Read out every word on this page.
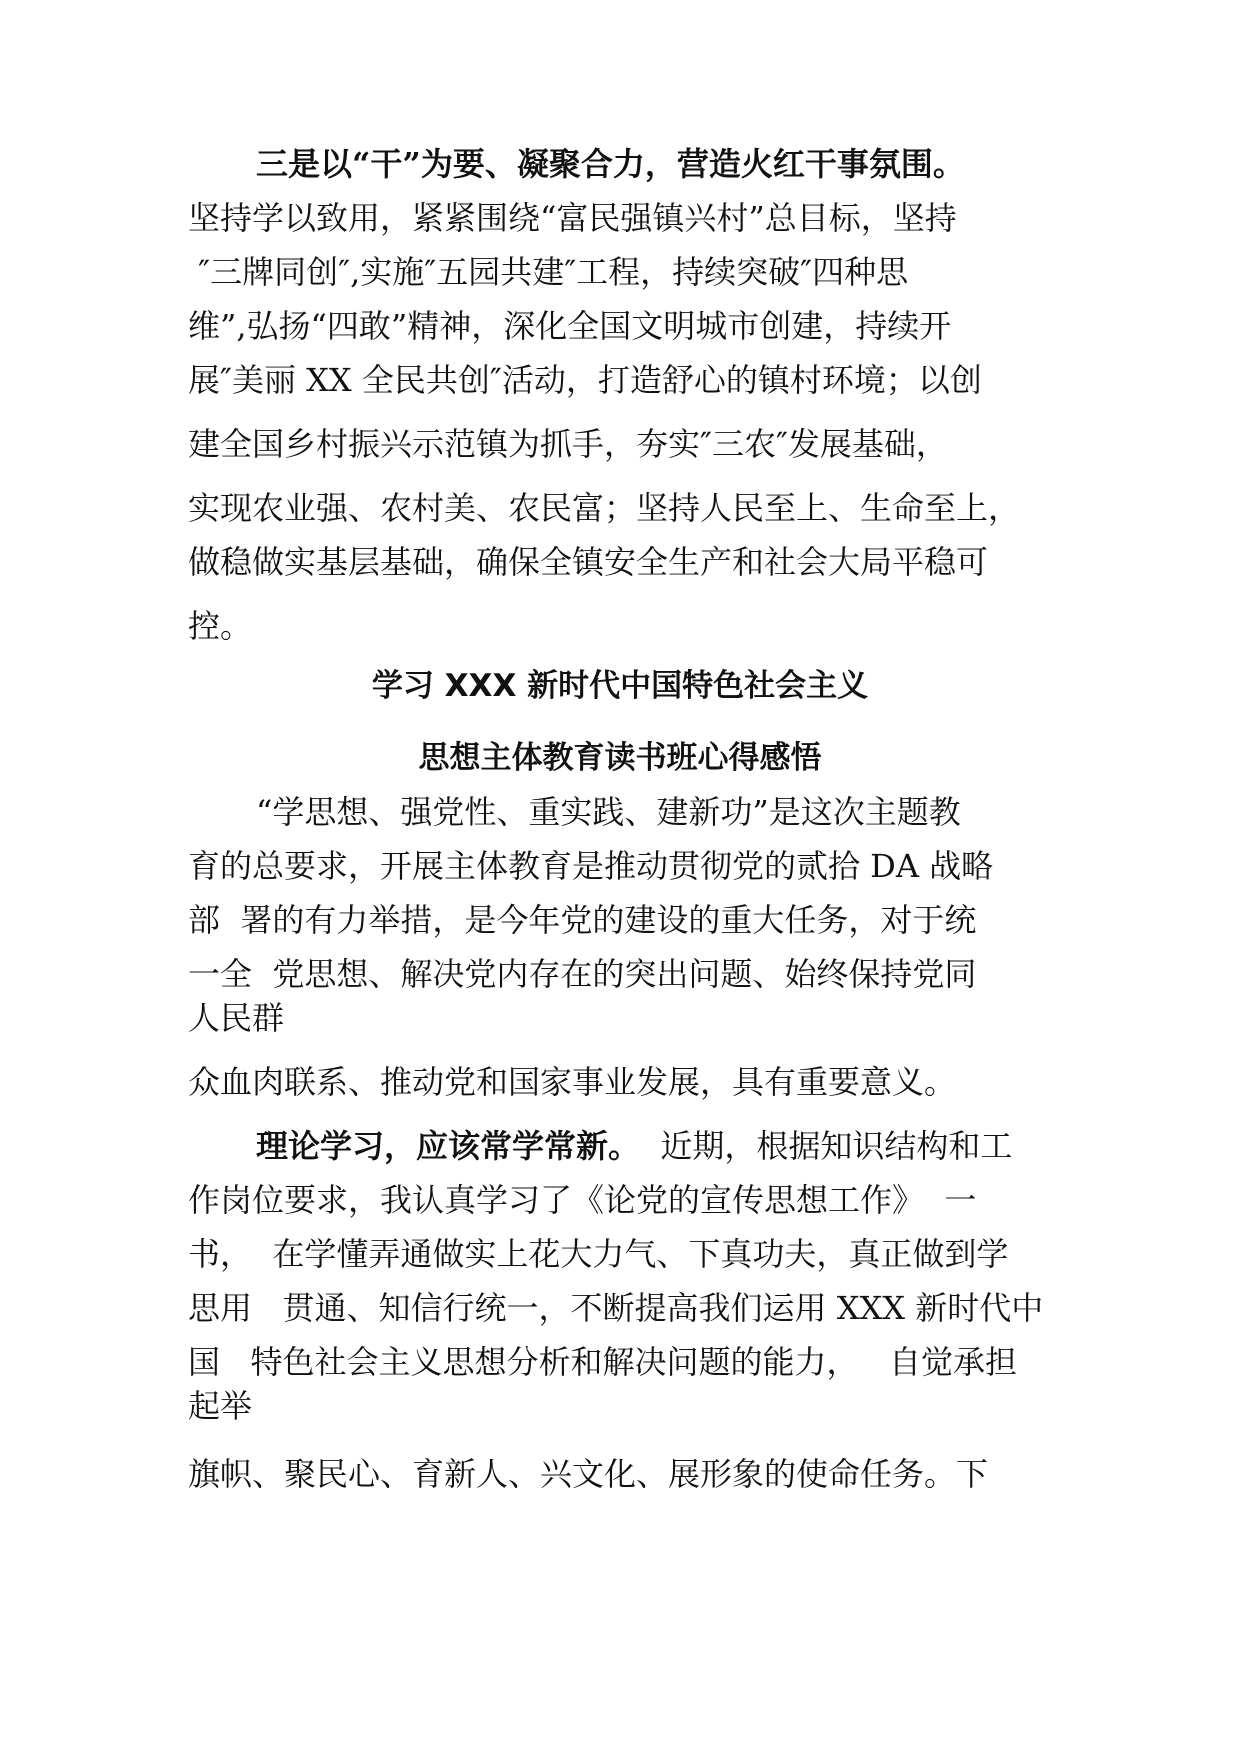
三是以“干”为要、凝聚合力，营造火红干事氛围。
坚持学以致用，紧紧围绕“富民强镇兴村”总目标，坚持
″三牌同创″,实施″五园共建″工程，持续突破″四种思
维”,弘扬“四敢”精神，深化全国文明城市创建，持续开
展″美丽 XX 全民共创″活动，打造舒心的镇村环境；以创
建全国乡村振兴示范镇为抓手，夯实″三农″发展基础，
实现农业强、农村美、农民富；坚持人民至上、生命至上，
做稳做实基层基础，确保全镇安全生产和社会大局平稳可
控。
学习 XXX 新时代中国特色社会主义
思想主体教育读书班心得感悟
“学思想、强党性、重实践、建新功”是这次主题教
育的总要求，开展主体教育是推动贯彻党的贰拾 DA 战略
部  署的有力举措，是今年党的建设的重大任务，对于统
一全  党思想、解决党内存在的突出问题、始终保持党同
人民群
众血肉联系、推动党和国家事业发展，具有重要意义。
理论学习，应该常学常新。  近期，根据知识结构和工
作岗位要求，我认真学习了《论党的宣传思想工作》  一
书，  在学懂弄通做实上花大力气、下真功夫，真正做到学
思用   贯通、知信行统一，不断提高我们运用 XXX 新时代中
国   特色社会主义思想分析和解决问题的能力，   自觉承担
起举
旗帜、聚民心、育新人、兴文化、展形象的使命任务。下
